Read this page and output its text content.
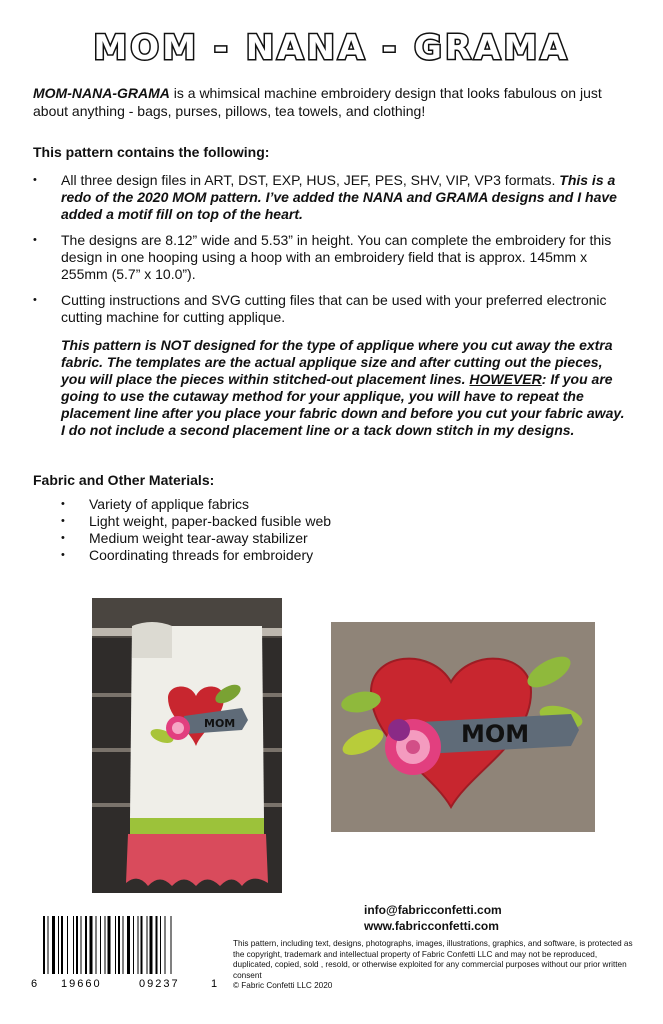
MOM - NANA - GRAMA
MOM-NANA-GRAMA is a whimsical machine embroidery design that looks fabulous on just about anything - bags, purses, pillows, tea towels, and clothing!
This pattern contains the following:
• All three design files in ART, DST, EXP, HUS, JEF, PES, SHV, VIP, VP3 formats. This is a redo of the 2020 MOM pattern. I’ve added the NANA and GRAMA designs and I have added a motif fill on top of the heart.
• The designs are 8.12” wide and 5.53” in height. You can complete the embroidery for this design in one hooping using a hoop with an embroidery field that is approx. 145mm x 255mm (5.7” x 10.0”).
• Cutting instructions and SVG cutting files that can be used with your preferred electronic cutting machine for cutting applique.
This pattern is NOT designed for the type of applique where you cut away the extra fabric. The templates are the actual applique size and after cutting out the pieces, you will place the pieces within stitched-out placement lines. HOWEVER: If you are going to use the cutaway method for your applique, you will have to repeat the placement line after you place your fabric down and before you cut your fabric away. I do not include a second placement line or a tack down stitch in my designs.
Fabric and Other Materials:
• Variety of applique fabrics
• Light weight, paper-backed fusible web
• Medium weight tear-away stabilizer
• Coordinating threads for embroidery
MOM	MOM
info@fabricconfetti.com
www.fabricconfetti.com
This pattern, including text, designs, photographs, images, illustrations, graphics, and software, is protected as the copyright, trademark and intellectual property of Fabric Confetti LLC and may not be reproduced, duplicated, copied, sold , resold, or otherwise exploited for any commercial purposes without our prior written consent
© Fabric Confetti LLC 2020
6 19660	09237	1
